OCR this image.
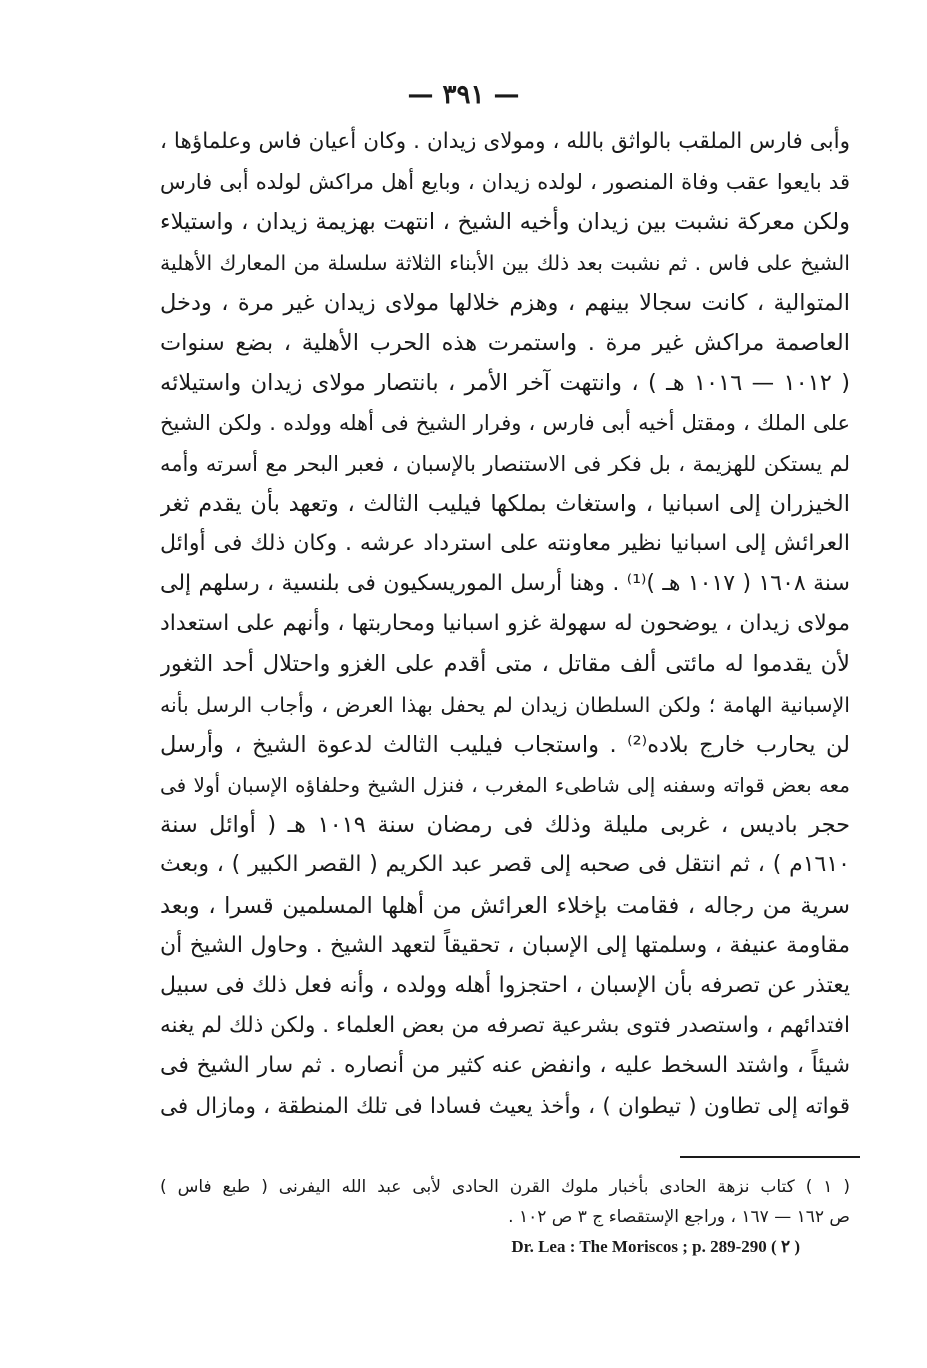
— ٣٩١ —
وأبى فارس الملقب بالواثق بالله ، ومولاى زيدان . وكان أعيان فاس وعلماؤها ،
قد بايعوا عقب وفاة المنصور ، لولده زيدان ، وبايع أهل مراكش لولده أبى فارس
ولكن معركة نشبت بين زيدان وأخيه الشيخ ، انتهت بهزيمة زيدان ، واستيلاء
الشيخ على فاس . ثم نشبت بعد ذلك بين الأبناء الثلاثة سلسلة من المعارك الأهلية
المتوالية ، كانت سجالا بينهم ، وهزم خلالها مولاى زيدان غير مرة ، ودخل
العاصمة مراكش غير مرة . واستمرت هذه الحرب الأهلية ، بضع سنوات
( ١٠١٢ — ١٠١٦ هـ ) ، وانتهت آخر الأمر ، بانتصار مولاى زيدان واستيلائه
على الملك ، ومقتل أخيه أبى فارس ، وفرار الشيخ فى أهله وولده . ولكن الشيخ
لم يستكن للهزيمة ، بل فكر فى الاستنصار بالإسبان ، فعبر البحر مع أسرته وأمه
الخيزران إلى اسبانيا ، واستغاث بملكها فيليب الثالث ، وتعهد بأن يقدم ثغر
العرائش إلى اسبانيا نظير معاونته على استرداد عرشه . وكان ذلك فى أوائل
سنة ١٦٠٨ ( ١٠١٧ هـ )⁽¹⁾ . وهنا أرسل الموريسكيون فى بلنسية ، رسلهم إلى
مولاى زيدان ، يوضحون له سهولة غزو اسبانيا ومحاربتها ، وأنهم على استعداد
لأن يقدموا له مائتى ألف مقاتل ، متى أقدم على الغزو واحتلال أحد الثغور
الإسبانية الهامة ؛ ولكن السلطان زيدان لم يحفل بهذا العرض ، وأجاب الرسل بأنه
لن يحارب خارج بلاده⁽²⁾ . واستجاب فيليب الثالث لدعوة الشيخ ، وأرسل
معه بعض قواته وسفنه إلى شاطىء المغرب ، فنزل الشيخ وحلفاؤه الإسبان أولا فى
حجر باديس ، غربى مليلة وذلك فى رمضان سنة ١٠١٩ هـ ( أوائل سنة
١٦١٠م ) ، ثم انتقل فى صحبه إلى قصر عبد الكريم ( القصر الكبير ) ، وبعث
سرية من رجاله ، فقامت بإخلاء العرائش من أهلها المسلمين قسرا ، وبعد
مقاومة عنيفة ، وسلمتها إلى الإسبان ، تحقيقاً لتعهد الشيخ . وحاول الشيخ أن
يعتذر عن تصرفه بأن الإسبان ، احتجزوا أهله وولده ، وأنه فعل ذلك فى سبيل
افتدائهم ، واستصدر فتوى بشرعية تصرفه من بعض العلماء . ولكن ذلك لم يغنه
شيئاً ، واشتد السخط عليه ، وانفض عنه كثير من أنصاره . ثم سار الشيخ فى
قواته إلى تطاون ( تيطوان ) ، وأخذ يعيث فسادا فى تلك المنطقة ، ومازال فى
( ١ ) كتاب نزهة الحادى بأخبار ملوك القرن الحادى لأبى عبد الله اليفرنى ( طبع فاس )
ص ١٦٢ — ١٦٧ ، وراجع الإستقصاء ج ٣ ص ١٠٢ .
Dr. Lea : The Moriscos ; p. 289-290 ( ٢ )
